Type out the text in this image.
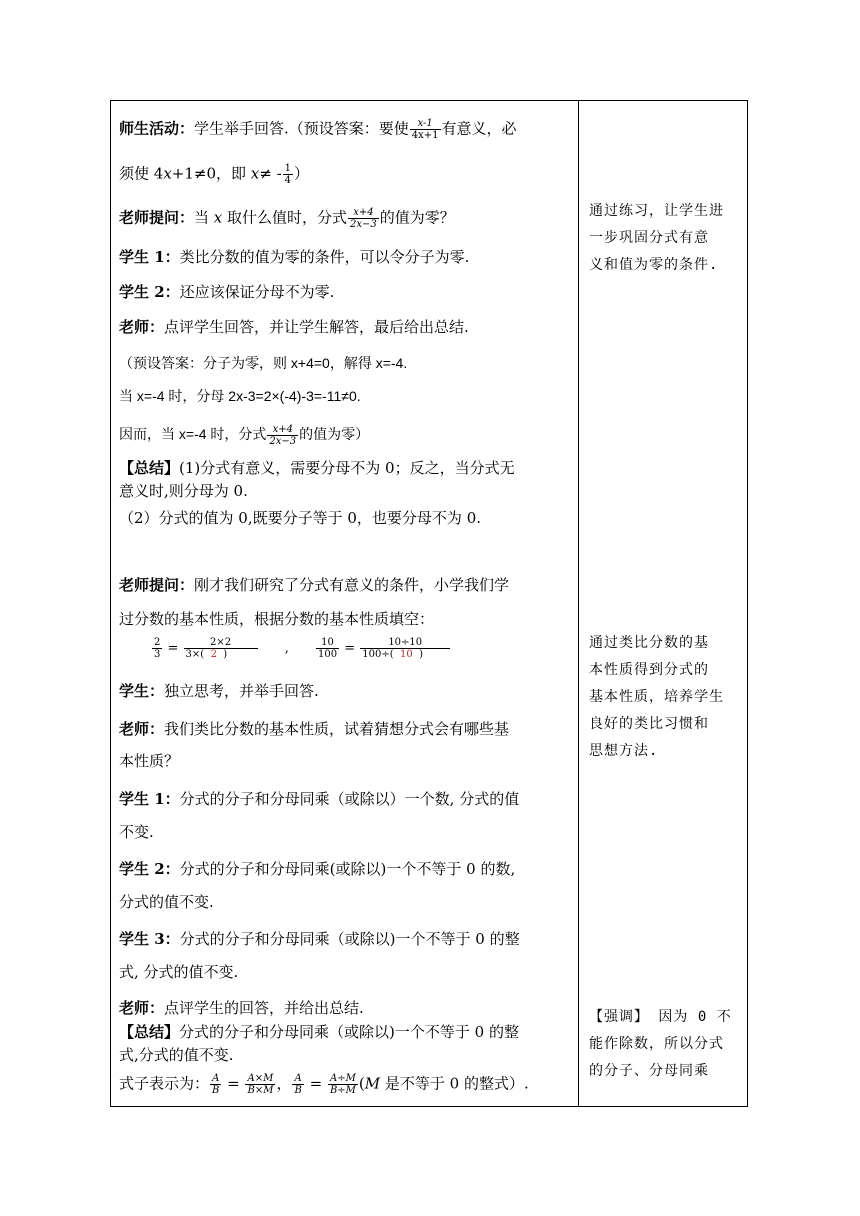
师生活动：学生举手回答.（预设答案：要使 $\frac{x-1}{4x+1}$ 有意义，必
须使 4x+1≠0，即 $x\ne - \frac{1}{4}$ ）
老师提问：当 x 取什么值时，分式 $\frac{x+4}{2x-3}$ 的值为零？
学生 1：类比分数的值为零的条件，可以令分子为零.
学生 2：还应该保证分母不为零.
老师：点评学生回答，并让学生解答，最后给出总结.
（预设答案：分子为零，则 x+4=0，解得 x=-4.
当 x=-4 时，分母 2x-3=2×(-4)-3=-11≠0.
因而，当 x=-4 时，分式 $\frac{x+4}{2x-3}$ 的值为零）
【总结】(1)分式有意义，需要分母不为 0；反之，当分式无
意义时,则分母为 0.
（2）分式的值为 0,既要分子等于 0，也要分母不为 0.
老师提问：刚才我们研究了分式有意义的条件，小学我们学
过分数的基本性质，根据分数的基本性质填空：
$\frac{2}{3} = \frac{2\times 2}{3\times( 2 )}$ ,	$\frac{10}{100} = \frac{10\div 10}{100\div( 10 )}$
学生：独立思考，并举手回答.
老师：我们类比分数的基本性质，试着猜想分式会有哪些基
本性质？
学生 1：分式的分子和分母同乘（或除以）一个数, 分式的值
不变.
学生 2：分式的分子和分母同乘(或除以)一个不等于 0 的数,
分式的值不变.
学生 3：分式的分子和分母同乘（或除以)一个不等于 0 的整
式, 分式的值不变.
老师：点评学生的回答，并给出总结.
【总结】分式的分子和分母同乘（或除以)一个不等于 0 的整
式,分式的值不变.
式子表示为： $\frac{A}{B} = \frac{A\times M}{B\times M}$ ， $\frac{A}{B} = \frac{A\div M}{B\div M} (M$ 是不等于 0 的整式）.
通过练习，让学生进
一步巩固分式有意
义和值为零的条件.
通过类比分数的基
本性质得到分式的
基本性质，培养学生
良好的类比习惯和
思想方法.
【强调】 因为 0 不
能作除数，所以分式
的分子、分母同乘
